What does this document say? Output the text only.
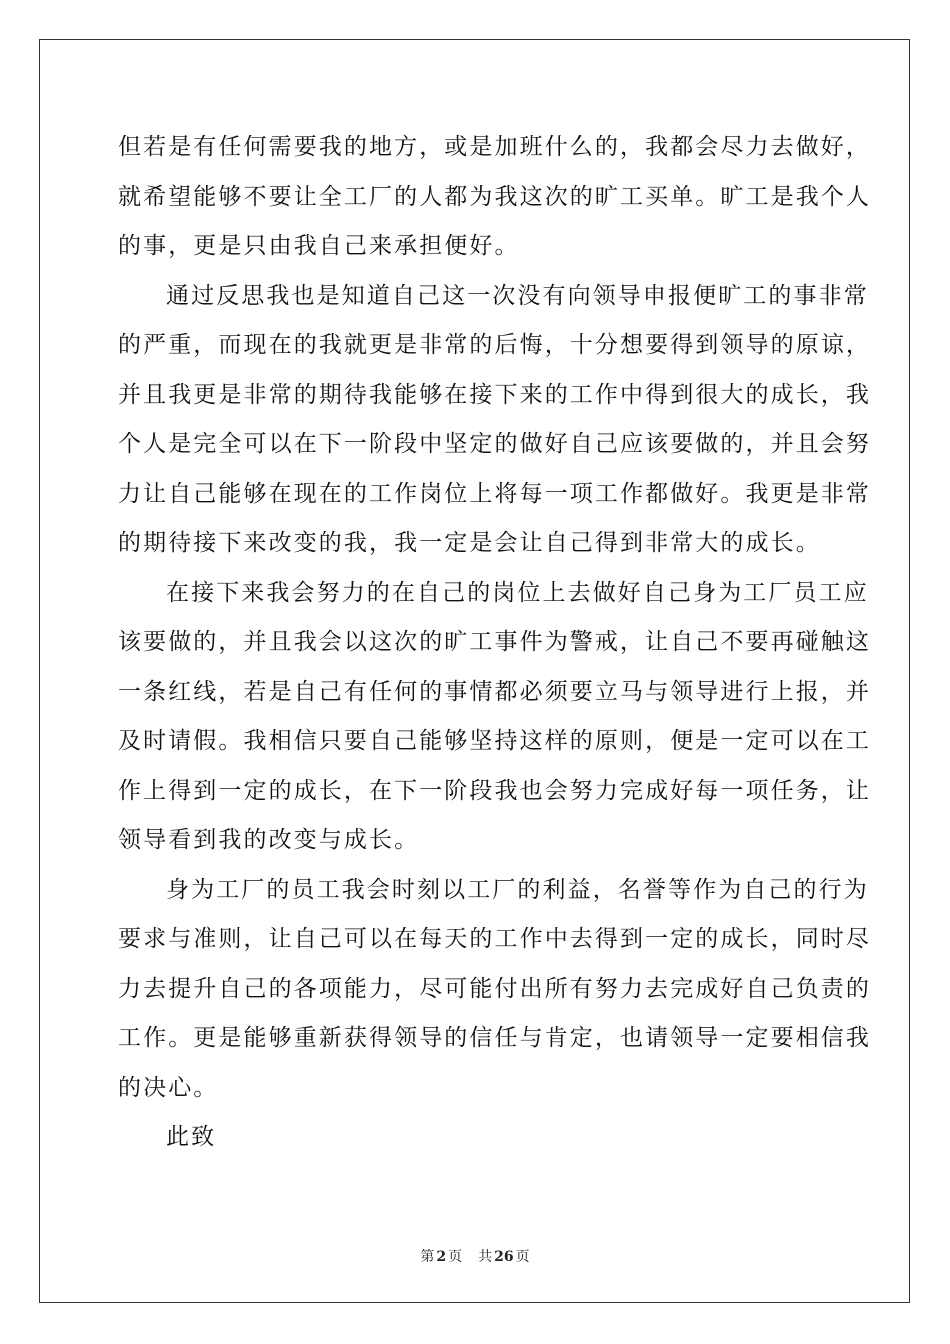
但若是有任何需要我的地方，或是加班什么的，我都会尽力去做好，
就希望能够不要让全工厂的人都为我这次的旷工买单。旷工是我个人
的事，更是只由我自己来承担便好。
通过反思我也是知道自己这一次没有向领导申报便旷工的事非常
的严重，而现在的我就更是非常的后悔，十分想要得到领导的原谅，
并且我更是非常的期待我能够在接下来的工作中得到很大的成长，我
个人是完全可以在下一阶段中坚定的做好自己应该要做的，并且会努
力让自己能够在现在的工作岗位上将每一项工作都做好。我更是非常
的期待接下来改变的我，我一定是会让自己得到非常大的成长。
在接下来我会努力的在自己的岗位上去做好自己身为工厂员工应
该要做的，并且我会以这次的旷工事件为警戒，让自己不要再碰触这
一条红线，若是自己有任何的事情都必须要立马与领导进行上报，并
及时请假。我相信只要自己能够坚持这样的原则，便是一定可以在工
作上得到一定的成长，在下一阶段我也会努力完成好每一项任务，让
领导看到我的改变与成长。
身为工厂的员工我会时刻以工厂的利益，名誉等作为自己的行为
要求与准则，让自己可以在每天的工作中去得到一定的成长，同时尽
力去提升自己的各项能力，尽可能付出所有努力去完成好自己负责的
工作。更是能够重新获得领导的信任与肯定，也请领导一定要相信我
的决心。
此致
第 2 页 共 26 页
